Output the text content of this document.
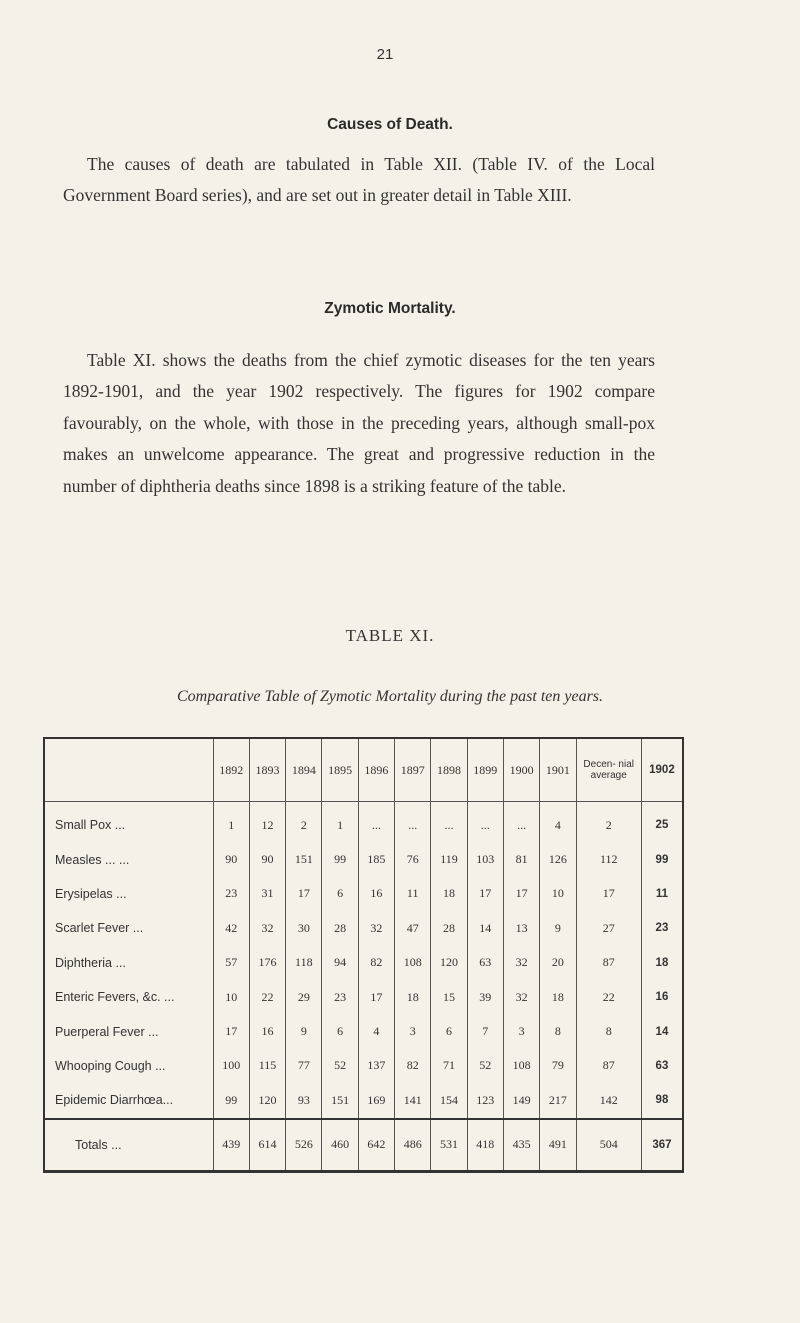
21
Causes of Death.

The causes of death are tabulated in Table XII. (Table IV. of the Local Government Board series), and are set out in greater detail in Table XIII.

Zymotic Mortality.

Table XI. shows the deaths from the chief zymotic diseases for the ten years 1892-1901, and the year 1902 respectively. The figures for 1902 compare favourably, on the whole, with those in the preceding years, although small-pox makes an unwelcome appearance. The great and progressive reduction in the number of diphtheria deaths since 1898 is a striking feature of the table.

TABLE XI.
Comparative Table of Zymotic Mortality during the past ten years.
	1892	1893	1894	1895	1896	1897	1898	1899	1900	1901	Decen- nial average	1902
Small Pox ...	1	12	2	1	...	...	...	...	...	4	2	25
Measles ... ...	90	90	151	99	185	76	119	103	81	126	112	99
Erysipelas ...	23	31	17	6	16	11	18	17	17	10	17	11
Scarlet Fever ...	42	32	30	28	32	47	28	14	13	9	27	23
Diphtheria ...	57	176	118	94	82	108	120	63	32	20	87	18
Enteric Fevers, &c. ...	10	22	29	23	17	18	15	39	32	18	22	16
Puerperal Fever ...	17	16	9	6	4	3	6	7	3	8	8	14
Whooping Cough ...	100	115	77	52	137	82	71	52	108	79	87	63
Epidemic Diarrhœa...	99	120	93	151	169	141	154	123	149	217	142	98
Totals ...	439	614	526	460	642	486	531	418	435	491	504	367
